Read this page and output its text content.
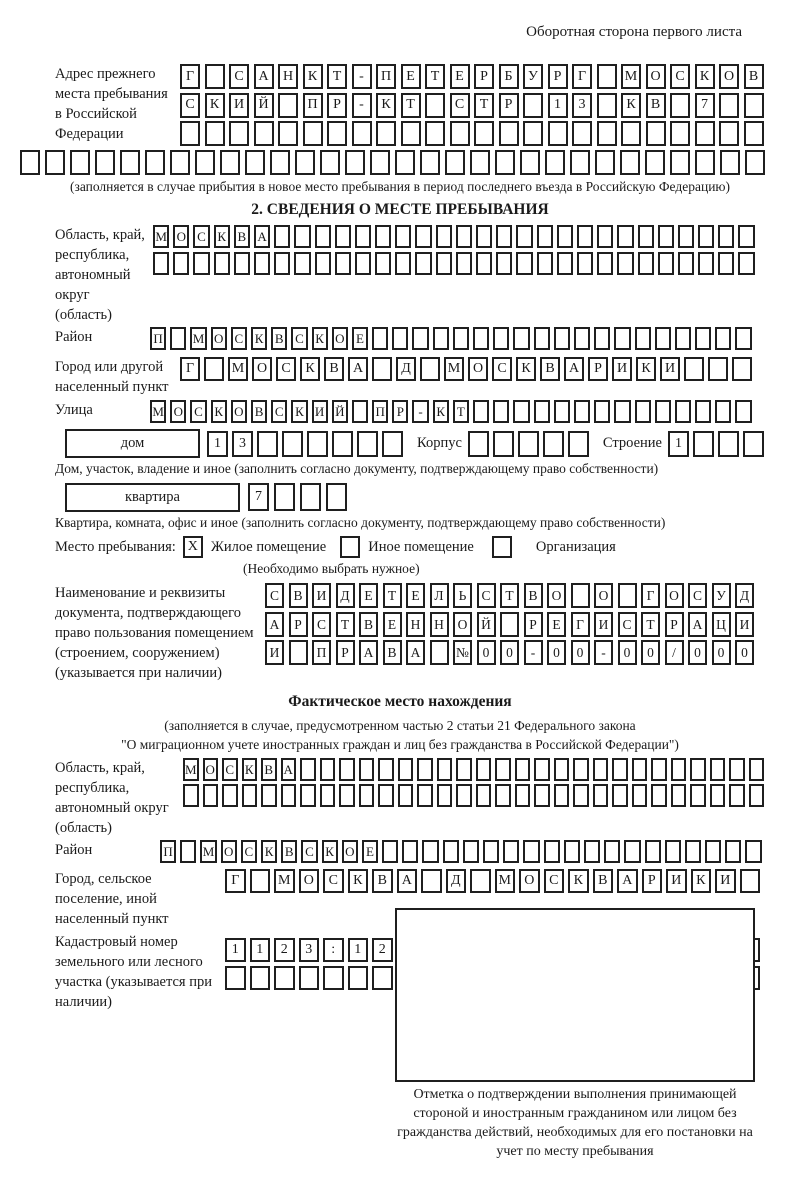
Оборотная сторона первого листа
Адрес прежнего места пребывания в Российской Федерации
Г	С	А	Н	К	Т	-	П	Е	Т	Е	Р	Б	У	Р	Г	М О	С	К	О	В
С	К	И	Й	П	Р	-	К	Т	С	Т	Р	1	3	К	В	7
(заполняется в случае прибытия в новое место пребывания в период последнего въезда в Российскую Федерацию)
2. СВЕДЕНИЯ О МЕСТЕ ПРЕБЫВАНИЯ
Область, край, республика, автономный округ (область)
М О С К В А
Район	П М О С К В С К О Е
Город или другой населенный пункт
Г	М О	С	К	В	А	Д	М О	С	К	В	А	Р	И	К	И
Улица	М О С К О В С К И Й П Р	-	К Т
дом	1	3	Корпус	Строение 1
Дом, участок, владение и иное (заполнить согласно документу, подтверждающему право собственности)
квартира	7
Квартира, комната, офис и иное (заполнить согласно документу, подтверждающему право собственности)
Место пребывания: X Жилое помещение	Иное помещение	Организация
(Необходимо выбрать нужное)
Наименование и реквизиты документа, подтверждающего право пользования помещением (строением, сооружением) (указывается при наличии)
С	В	И	Д	Е	Т	Е	Л	Ь	С	Т	В	О	О	Г	О	С	У	Д
А	Р	С	Т	В	Е	Н	Н	О	Й	Р	Е	Г	И	С	Т	Р	А	Ц	И
И	П	Р	А	В	А	№	0	0	-	0	0	-	0	0	/	0	0	0
Фактическое место нахождения
(заполняется в случае, предусмотренном частью 2 статьи 21 Федерального закона
"О миграционном учете иностранных граждан и лиц без гражданства в Российской Федерации")
Область, край, республика, автономный округ (область)
М О С К В А
Район	П М О С К В С К О Е
Город, сельское поселение, иной населенный пункт
Г	М О	С	К	В	А	Д	М О	С	К	В	А	Р	И	К	И
Кадастровый номер земельного или лесного участка (указывается при наличии)
1	1	2	3	:	1	2
Отметка о подтверждении выполнения принимающей стороной и иностранным гражданином или лицом без гражданства действий, необходимых для его постановки на учет по месту пребывания
